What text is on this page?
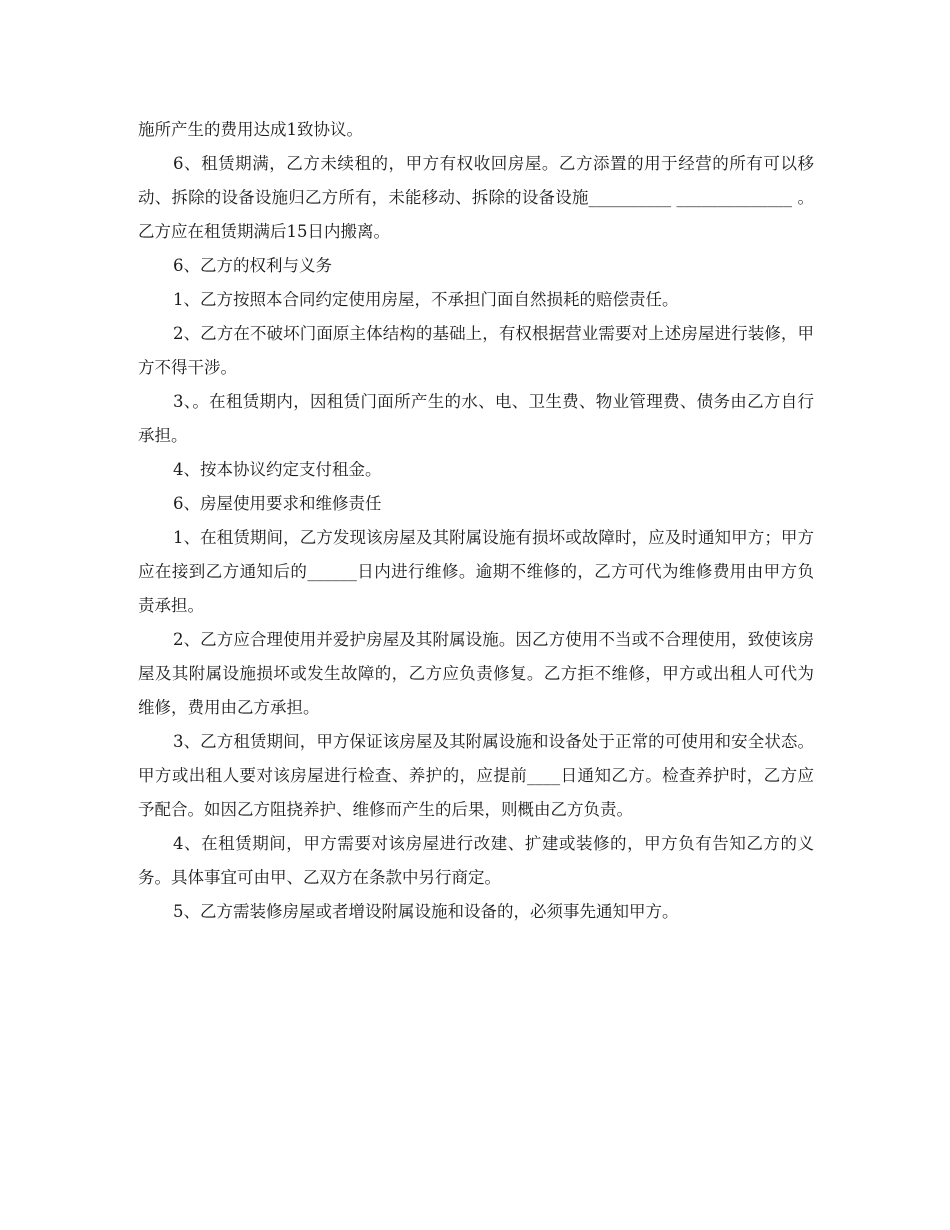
施所产生的费用达成1致协议。

6、租赁期满，乙方未续租的，甲方有权收回房屋。乙方添置的用于经营的所有可以移动、拆除的设备设施归乙方所有，未能移动、拆除的设备设施__________ ______________ 。乙方应在租赁期满后15日内搬离。

6、乙方的权利与义务

1、乙方按照本合同约定使用房屋，不承担门面自然损耗的赔偿责任。

2、乙方在不破坏门面原主体结构的基础上，有权根据营业需要对上述房屋进行装修，甲方不得干涉。

3、。在租赁期内，因租赁门面所产生的水、电、卫生费、物业管理费、债务由乙方自行承担。

4、按本协议约定支付租金。

6、房屋使用要求和维修责任

1、在租赁期间，乙方发现该房屋及其附属设施有损坏或故障时，应及时通知甲方；甲方应在接到乙方通知后的______日内进行维修。逾期不维修的，乙方可代为维修费用由甲方负责承担。

2、乙方应合理使用并爱护房屋及其附属设施。因乙方使用不当或不合理使用，致使该房屋及其附属设施损坏或发生故障的，乙方应负责修复。乙方拒不维修，甲方或出租人可代为维修，费用由乙方承担。

3、乙方租赁期间，甲方保证该房屋及其附属设施和设备处于正常的可使用和安全状态。甲方或出租人要对该房屋进行检查、养护的，应提前____日通知乙方。检查养护时，乙方应予配合。如因乙方阻挠养护、维修而产生的后果，则概由乙方负责。

4、在租赁期间，甲方需要对该房屋进行改建、扩建或装修的，甲方负有告知乙方的义务。具体事宜可由甲、乙双方在条款中另行商定。

5、乙方需装修房屋或者增设附属设施和设备的，必须事先通知甲方。
